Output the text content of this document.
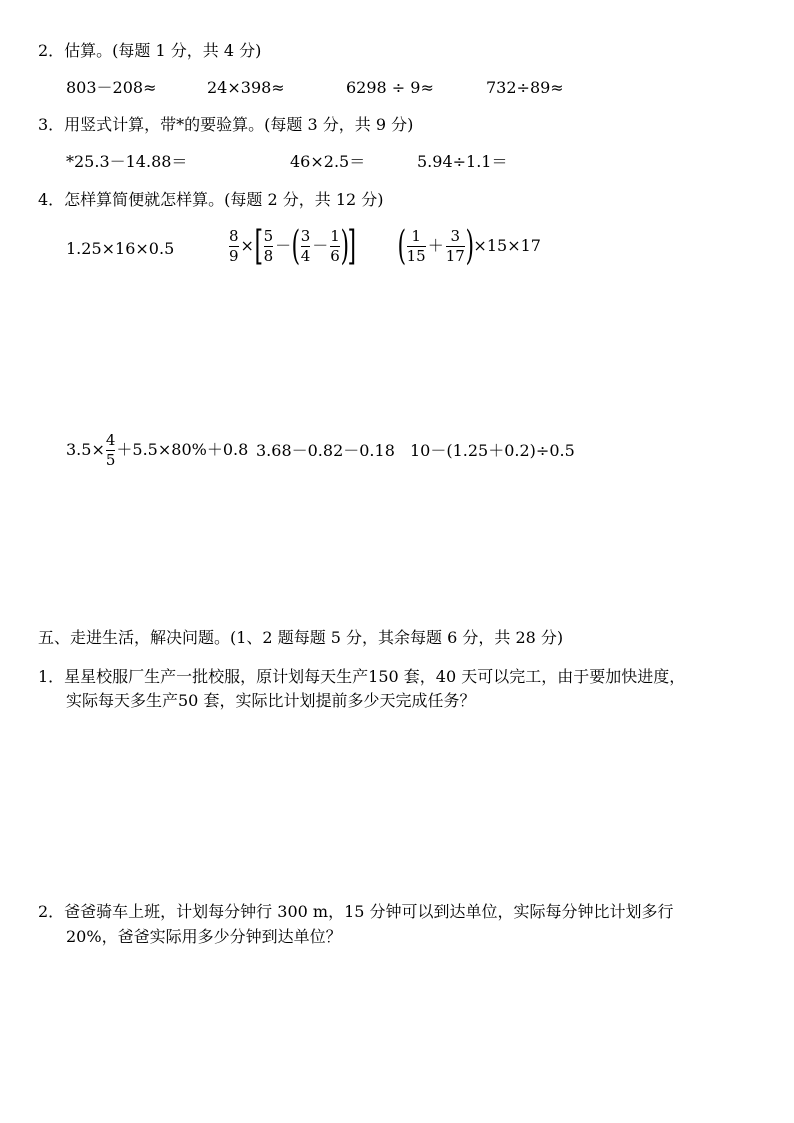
2．估算。(每题 1 分，共 4 分)
803－208≈	24×398≈	6298 ÷ 9≈	732÷89≈
3．用竖式计算，带*的要验算。(每题 3 分，共 9 分)
*25.3－14.88＝	46×2.5＝	5.94÷1.1＝
4．怎样算简便就怎样算。(每题 2 分，共 12 分)
1.25×16×0.5	$\frac{8}{9}$ × [ $\frac{5}{8}$ － ( $\frac{3}{4} - \frac{1}{6}$ ) ] ( $\frac{1}{15} + \frac{3}{17}$ ) ×15×17
$3.5\times \frac{4}{5} +5.5\times 80\%+0.8$ 3.68－0.82－0.18 10－(1.25＋0.2)÷0.5
五、走进生活，解决问题。(1、2 题每题 5 分，其余每题 6 分，共 28 分)
1．星星校服厂生产一批校服，原计划每天生产150 套，40 天可以完工，由于要加快进度，
实际每天多生产50 套，实际比计划提前多少天完成任务？
2．爸爸骑车上班，计划每分钟行 300 m，15 分钟可以到达单位，实际每分钟比计划多行
20%，爸爸实际用多少分钟到达单位？
